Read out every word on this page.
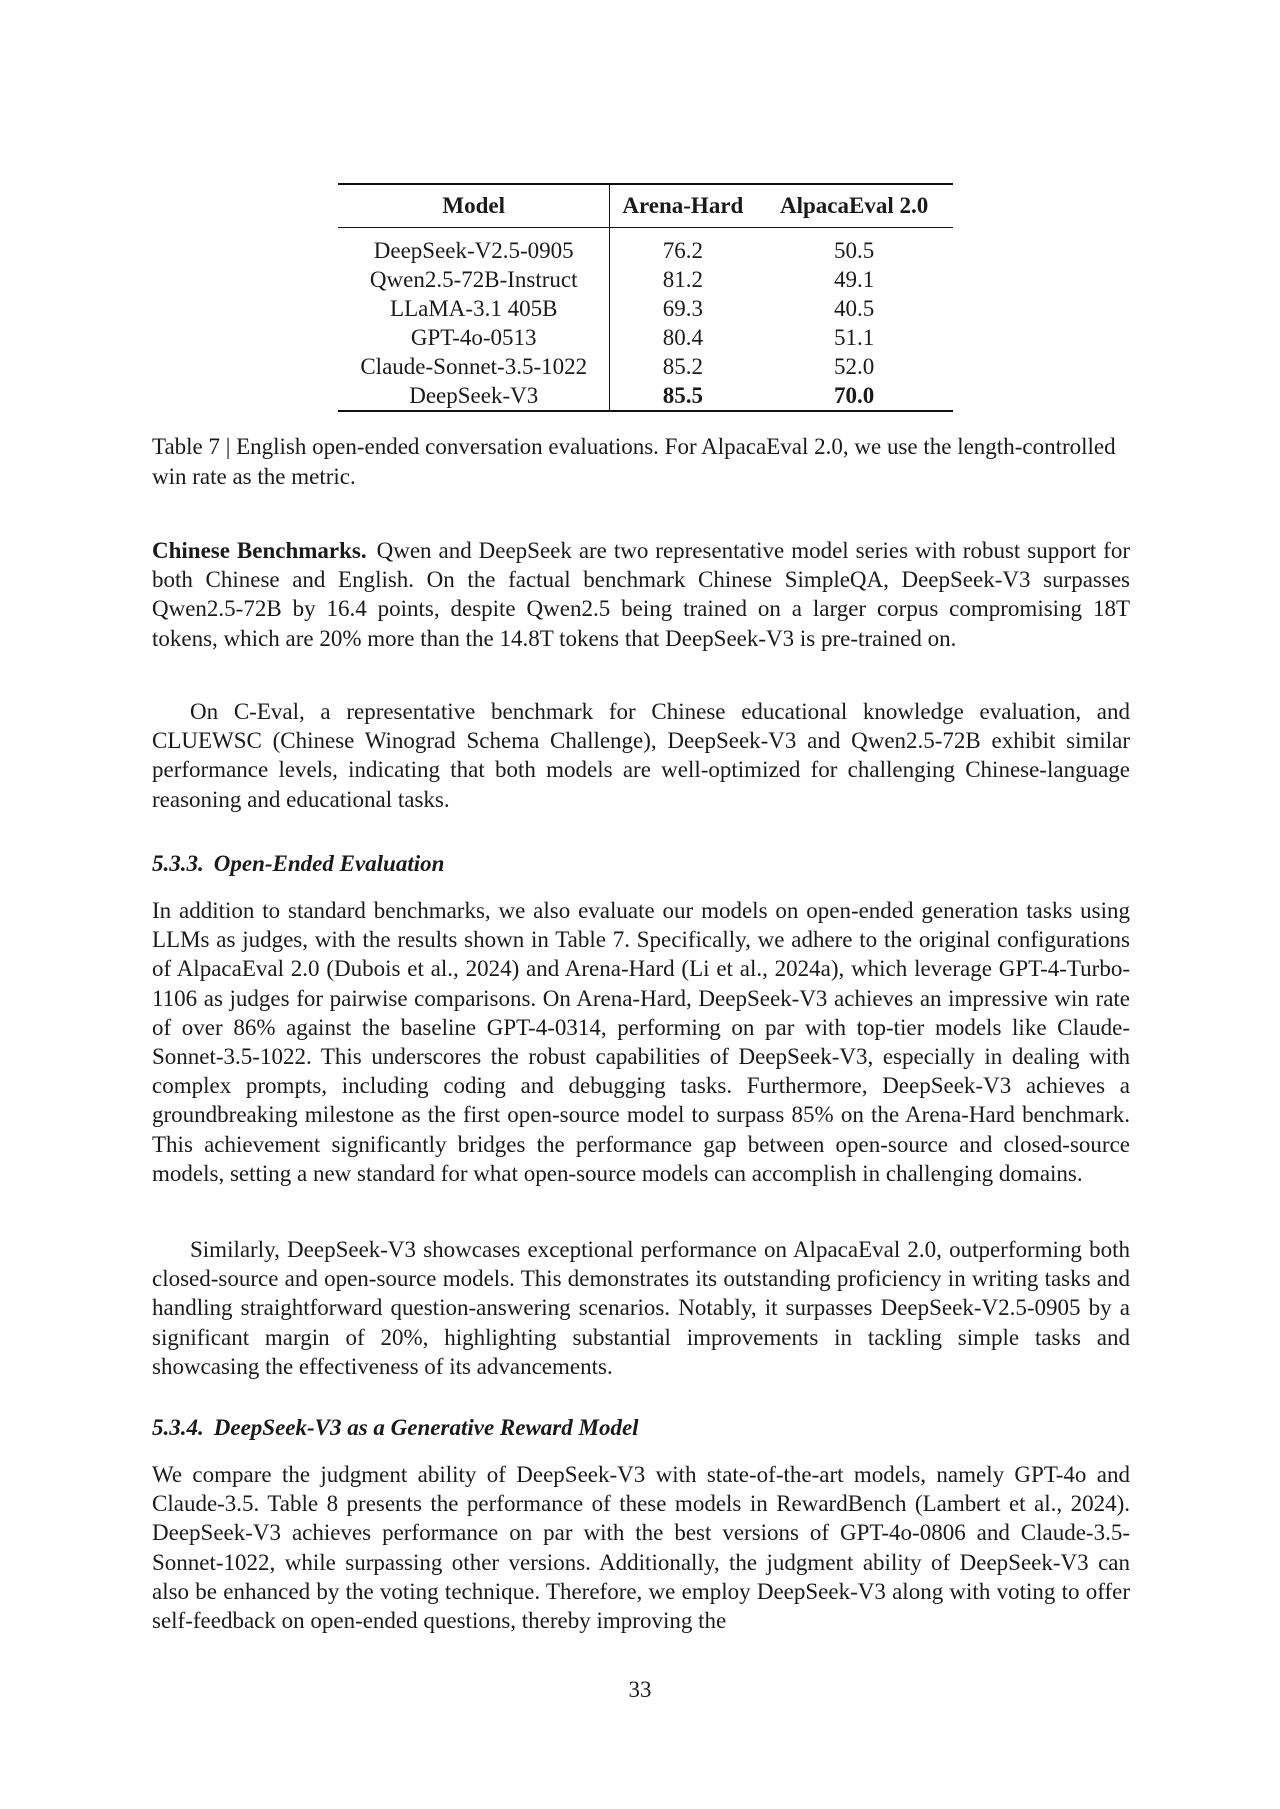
Model	Arena-Hard	AlpacaEval 2.0
DeepSeek-V2.5-0905	76.2	50.5
Qwen2.5-72B-Instruct	81.2	49.1
LLaMA-3.1 405B	69.3	40.5
GPT-4o-0513	80.4	51.1
Claude-Sonnet-3.5-1022	85.2	52.0
DeepSeek-V3	85.5	70.0
Table 7 | English open-ended conversation evaluations. For AlpacaEval 2.0, we use the length-controlled win rate as the metric.

Chinese Benchmarks. Qwen and DeepSeek are two representative model series with robust support for both Chinese and English. On the factual benchmark Chinese SimpleQA, DeepSeek-V3 surpasses Qwen2.5-72B by 16.4 points, despite Qwen2.5 being trained on a larger corpus compromising 18T tokens, which are 20% more than the 14.8T tokens that DeepSeek-V3 is pre-trained on.

On C-Eval, a representative benchmark for Chinese educational knowledge evaluation, and CLUEWSC (Chinese Winograd Schema Challenge), DeepSeek-V3 and Qwen2.5-72B exhibit similar performance levels, indicating that both models are well-optimized for challenging Chinese-language reasoning and educational tasks.

5.3.3. Open-Ended Evaluation

In addition to standard benchmarks, we also evaluate our models on open-ended generation tasks using LLMs as judges, with the results shown in Table 7. Specifically, we adhere to the original configurations of AlpacaEval 2.0 (Dubois et al., 2024) and Arena-Hard (Li et al., 2024a), which leverage GPT-4-Turbo-1106 as judges for pairwise comparisons. On Arena-Hard, DeepSeek-V3 achieves an impressive win rate of over 86% against the baseline GPT-4-0314, performing on par with top-tier models like Claude-Sonnet-3.5-1022. This underscores the robust capabilities of DeepSeek-V3, especially in dealing with complex prompts, including coding and debugging tasks. Furthermore, DeepSeek-V3 achieves a groundbreaking milestone as the first open-source model to surpass 85% on the Arena-Hard benchmark. This achievement significantly bridges the performance gap between open-source and closed-source models, setting a new standard for what open-source models can accomplish in challenging domains.

Similarly, DeepSeek-V3 showcases exceptional performance on AlpacaEval 2.0, outperforming both closed-source and open-source models. This demonstrates its outstanding proficiency in writing tasks and handling straightforward question-answering scenarios. Notably, it surpasses DeepSeek-V2.5-0905 by a significant margin of 20%, highlighting substantial improvements in tackling simple tasks and showcasing the effectiveness of its advancements.

5.3.4. DeepSeek-V3 as a Generative Reward Model

We compare the judgment ability of DeepSeek-V3 with state-of-the-art models, namely GPT-4o and Claude-3.5. Table 8 presents the performance of these models in RewardBench (Lambert et al., 2024). DeepSeek-V3 achieves performance on par with the best versions of GPT-4o-0806 and Claude-3.5-Sonnet-1022, while surpassing other versions. Additionally, the judgment ability of DeepSeek-V3 can also be enhanced by the voting technique. Therefore, we employ DeepSeek-V3 along with voting to offer self-feedback on open-ended questions, thereby improving the

33
